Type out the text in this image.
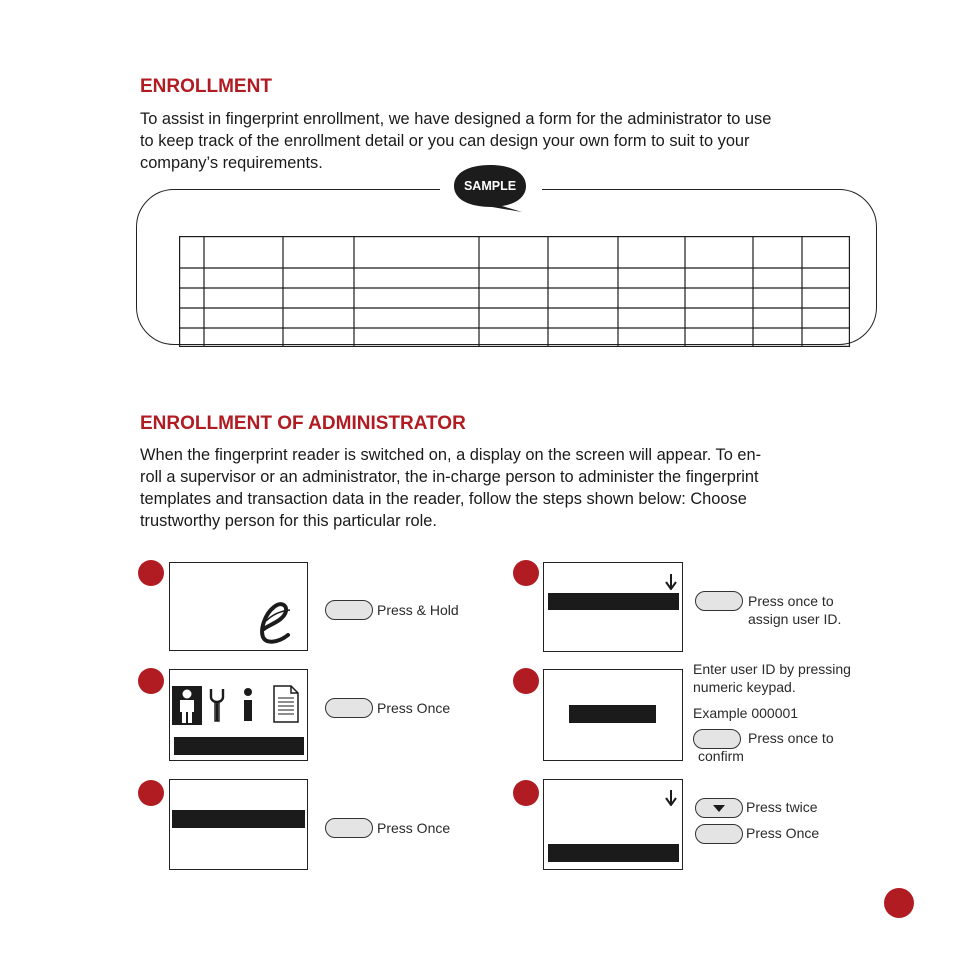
ENROLLMENT
To assist in fingerprint enrollment, we have designed a form for the administrator to use
to keep track of the enrollment detail or you can design your own form to suit to your
company’s requirements.
SAMPLE
ENROLLMENT OF ADMINISTRATOR
When the fingerprint reader is switched on, a display on the screen will appear. To en-
roll a supervisor or an administrator, the in-charge person to administer the fingerprint
templates and transaction data in the reader, follow the steps shown below: Choose
trustworthy person for this particular role.
Press & Hold
Press Once
Press Once
Press once to
assign user ID.
Enter user ID by pressing
numeric keypad.
Example 000001
Press once to
confirm
Press twice
Press Once
